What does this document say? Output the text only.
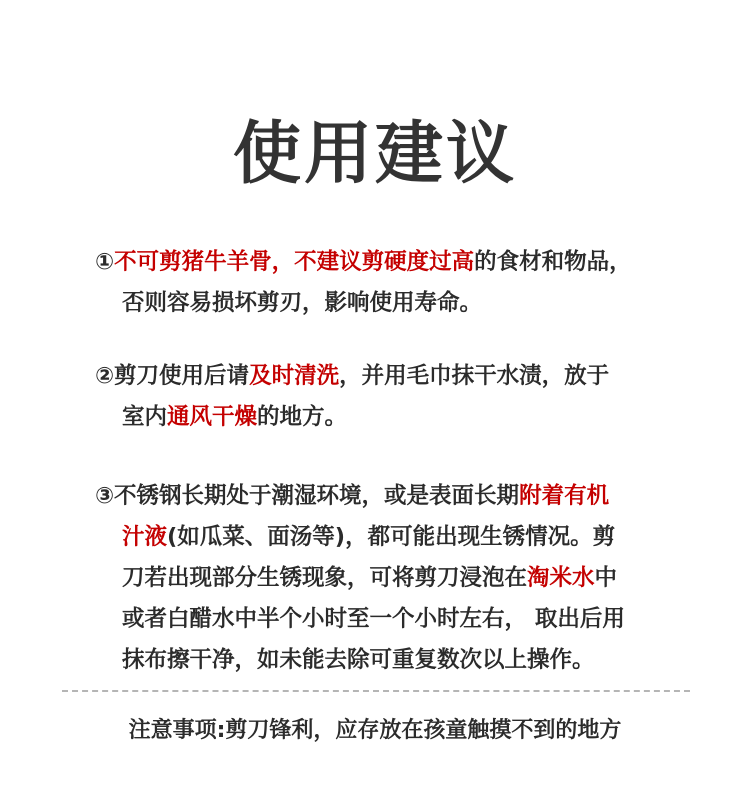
使用建议
①不可剪猪牛羊骨，不建议剪硬度过高的食材和物品，
否则容易损坏剪刃，影响使用寿命。
②剪刀使用后请及时清洗，并用毛巾抹干水渍，放于
室内通风干燥的地方。
③不锈钢长期处于潮湿环境，或是表面长期附着有机
汁液(如瓜菜、面汤等)，都可能出现生锈情况。剪
刀若出现部分生锈现象，可将剪刀浸泡在淘米水中
或者白醋水中半个小时至一个小时左右， 取出后用
抹布擦干净，如未能去除可重复数次以上操作。
注意事项:剪刀锋利，应存放在孩童触摸不到的地方
